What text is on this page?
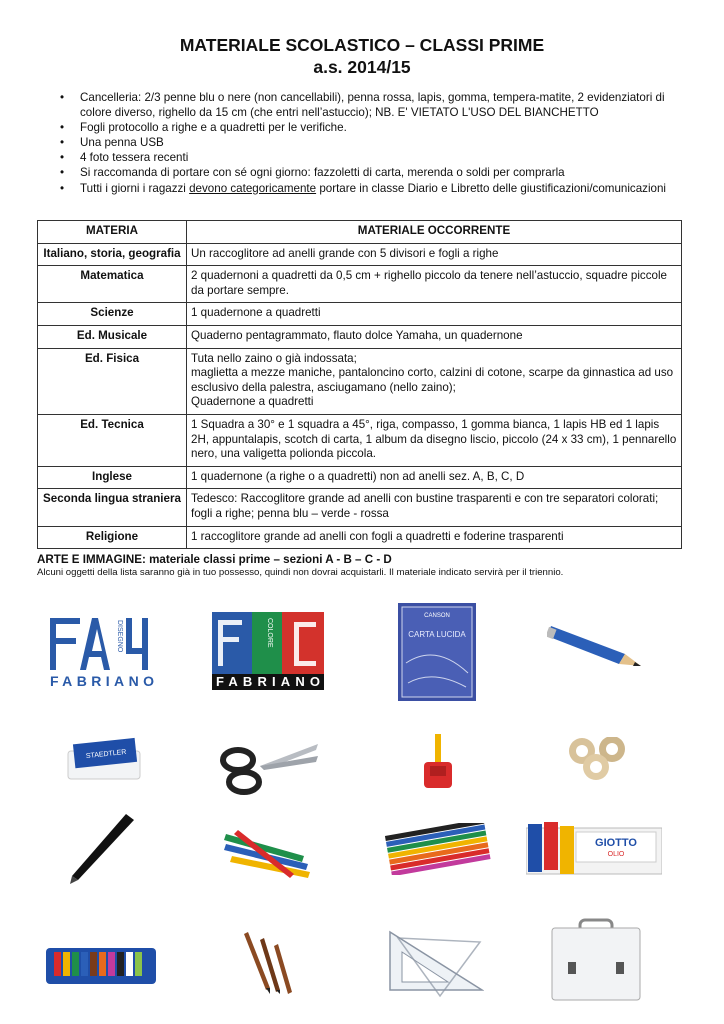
MATERIALE SCOLASTICO – CLASSI PRIME
a.s. 2014/15
• Cancelleria: 2/3 penne blu o nere (non cancellabili), penna rossa, lapis, gomma, tempera-matite, 2 evidenziatori di colore diverso, righello da 15 cm (che entri nell’astuccio); NB. E' VIETATO L'USO DEL BIANCHETTO
• Fogli protocollo a righe e a quadretti per le verifiche.
• Una penna USB
• 4 foto tessera recenti
• Si raccomanda di portare con sé ogni giorno: fazzoletti di carta, merenda o soldi per comprarla
• Tutti i giorni i ragazzi devono categoricamente portare in classe Diario e Libretto delle giustificazioni/comunicazioni
MATERIA	MATERIALE OCCORRENTE
Italiano, storia, geografia	Un raccoglitore ad anelli grande con 5 divisori e fogli a righe
Matematica	2 quadernoni a quadretti da 0,5 cm + righello piccolo da tenere nell’astuccio, squadre piccole da portare sempre.
Scienze	1 quadernone a quadretti
Ed. Musicale	Quaderno pentagrammato, flauto dolce Yamaha, un quadernone
Ed. Fisica	Tuta nello zaino o già indossata;
maglietta a mezze maniche, pantaloncino corto, calzini di cotone, scarpe da ginnastica ad uso esclusivo della palestra, asciugamano (nello zaino);
Quadernone a quadretti
Ed. Tecnica	1 Squadra a 30° e 1 squadra a 45°, riga, compasso, 1 gomma bianca, 1 lapis HB ed 1 lapis 2H, appuntalapis, scotch di carta, 1 album da disegno liscio, piccolo (24 x 33 cm), 1 pennarello nero, una valigetta polionda piccola.
Inglese	1 quadernone (a righe o a quadretti) non ad anelli sez. A, B, C, D
Seconda lingua straniera	Tedesco: Raccoglitore grande ad anelli con bustine trasparenti e con tre separatori colorati; fogli a righe; penna blu – verde - rossa
Religione	1 raccoglitore grande ad anelli con fogli a quadretti e foderine trasparenti
ARTE E IMMAGINE: materiale classi prime – sezioni A - B – C - D
Alcuni oggetti della lista saranno già in tuo possesso, quindi non dovrai acquistarli. Il materiale indicato servirà per il triennio.
DISEGNO
FABRIANO
COLORE
FABRIANO
CANSON
CARTA LUCIDA
STAEDTLER
GIOTTO
OLIO
